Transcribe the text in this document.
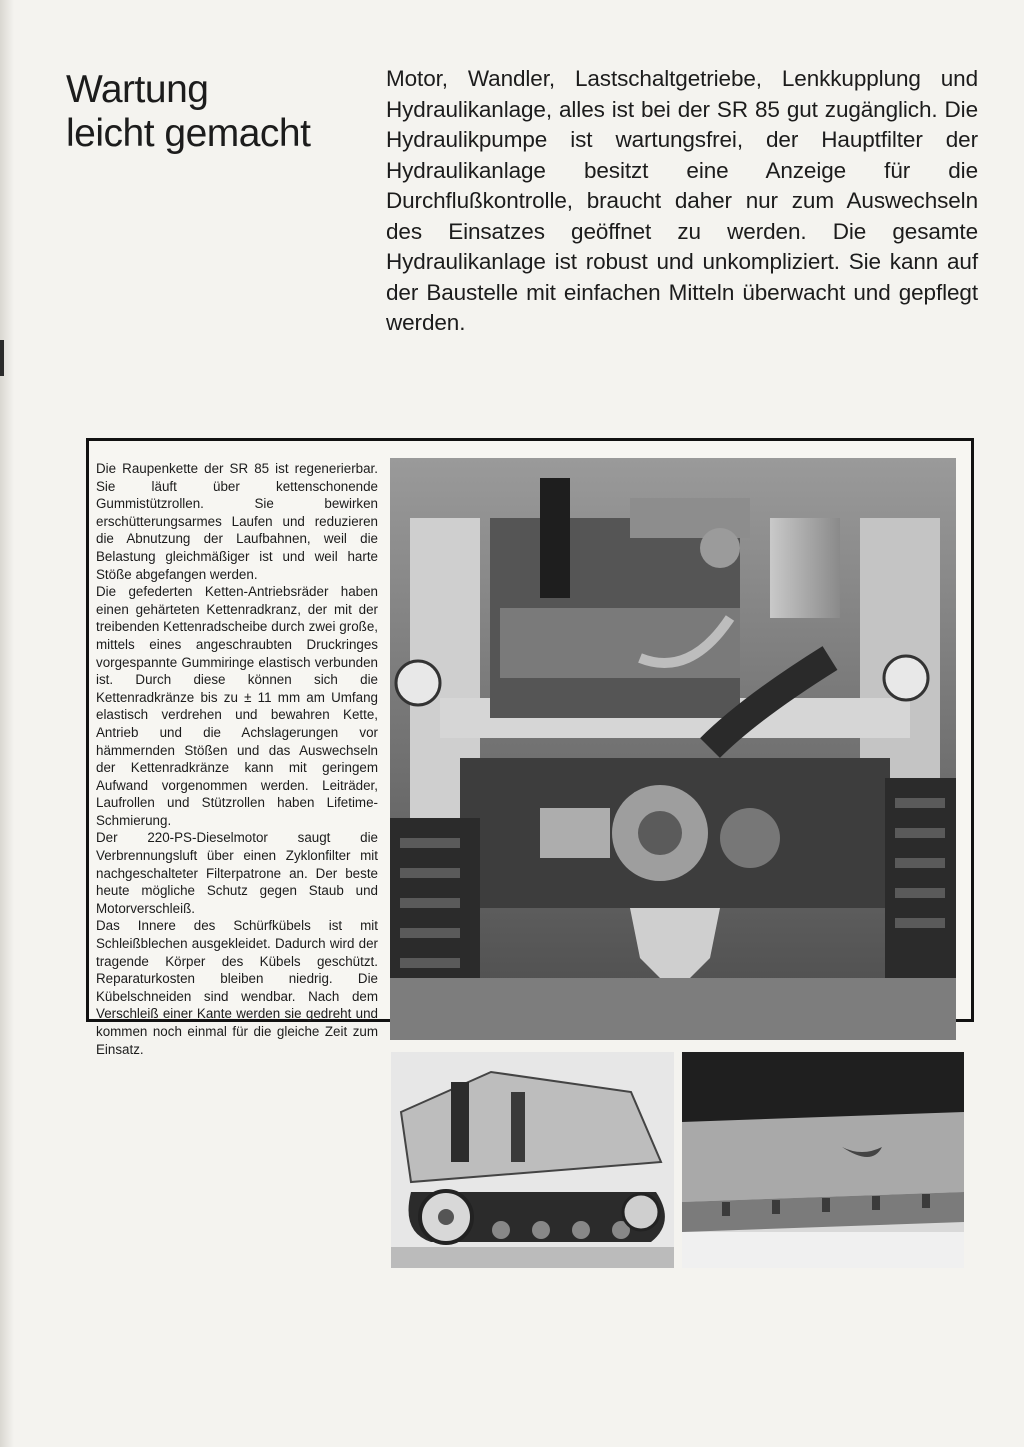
Wartung
leicht gemacht

Motor, Wandler, Lastschaltgetriebe, Lenkkupplung und Hydraulikanlage, alles ist bei der SR 85 gut zugänglich. Die Hydraulikpumpe ist wartungsfrei, der Hauptfilter der Hydraulikanlage besitzt eine Anzeige für die Durchflußkontrolle, braucht daher nur zum Auswechseln des Einsatzes geöffnet zu werden. Die gesamte Hydraulikanlage ist robust und unkompliziert. Sie kann auf der Baustelle mit einfachen Mitteln überwacht und gepflegt werden.

Die Raupenkette der SR 85 ist regenerierbar. Sie läuft über kettenschonende Gummistützrollen. Sie bewirken erschütterungsarmes Laufen und reduzieren die Abnutzung der Laufbahnen, weil die Belastung gleichmäßiger ist und weil harte Stöße abgefangen werden.

Die gefederten Ketten-Antriebsräder haben einen gehärteten Kettenradkranz, der mit der treibenden Kettenradscheibe durch zwei große, mittels eines angeschraubten Druckringes vorgespannte Gummiringe elastisch verbunden ist. Durch diese können sich die Kettenradkränze bis zu ± 11 mm am Umfang elastisch verdrehen und bewahren Kette, Antrieb und die Achslagerungen vor hämmernden Stößen und das Auswechseln der Kettenradkränze kann mit geringem Aufwand vorgenommen werden. Leiträder, Laufrollen und Stützrollen haben Lifetime-Schmierung.

Der 220-PS-Dieselmotor saugt die Verbrennungsluft über einen Zyklonfilter mit nachgeschalteter Filterpatrone an. Der beste heute mögliche Schutz gegen Staub und Motorverschleiß.

Das Innere des Schürfkübels ist mit Schleißblechen ausgekleidet. Dadurch wird der tragende Körper des Kübels geschützt. Reparaturkosten bleiben niedrig. Die Kübelschneiden sind wendbar. Nach dem Verschleiß einer Kante werden sie gedreht und kommen noch einmal für die gleiche Zeit zum Einsatz.
